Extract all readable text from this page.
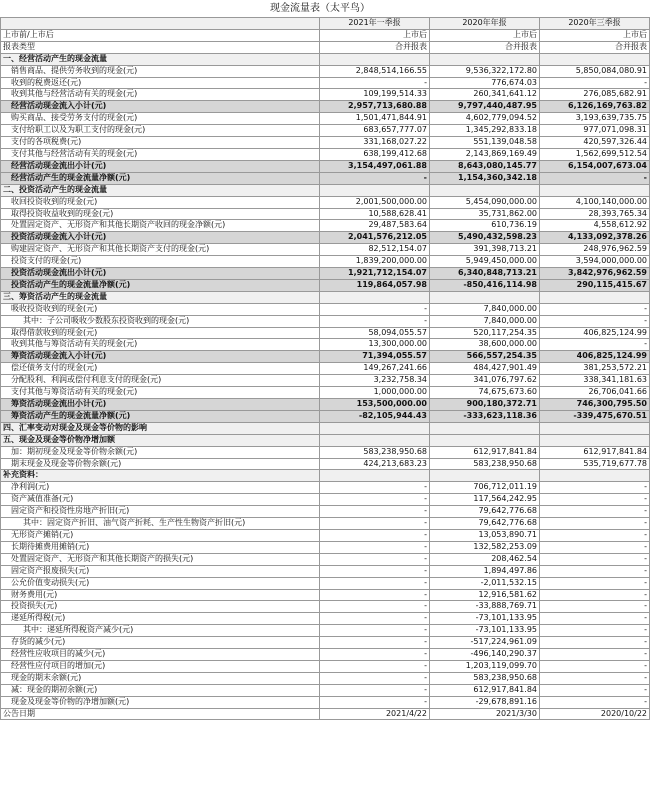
现金流量表（太平鸟）
	2021年一季报	2020年年报	2020年三季报
上市前/上市后	上市后	上市后	上市后
报表类型	合并报表	合并报表	合并报表
一、经营活动产生的现金流量			
销售商品、提供劳务收到的现金(元)	2,848,514,166.55	9,536,322,172.80	5,850,084,080.91
收到的税费返还(元)	-	776,674.03	-
收到其他与经营活动有关的现金(元)	109,199,514.33	260,341,641.12	276,085,682.91
经营活动现金流入小计(元)	2,957,713,680.88	9,797,440,487.95	6,126,169,763.82
购买商品、接受劳务支付的现金(元)	1,501,471,844.91	4,602,779,094.52	3,193,639,735.75
支付给职工以及为职工支付的现金(元)	683,657,777.07	1,345,292,833.18	977,071,098.31
支付的各项税费(元)	331,168,027.22	551,139,048.58	420,597,326.44
支付其他与经营活动有关的现金(元)	638,199,412.68	2,143,869,169.49	1,562,699,512.54
经营活动现金流出小计(元)	3,154,497,061.88	8,643,080,145.77	6,154,007,673.04
经营活动产生的现金流量净额(元)	-	1,154,360,342.18	-
二、投资活动产生的现金流量			
收回投资收到的现金(元)	2,001,500,000.00	5,454,090,000.00	4,100,140,000.00
取得投资收益收到的现金(元)	10,588,628.41	35,731,862.00	28,393,765.34
处置固定资产、无形资产和其他长期资产收回的现金净额(元)	29,487,583.64	610,736.19	4,558,612.92
投资活动现金流入小计(元)	2,041,576,212.05	5,490,432,598.23	4,133,092,378.26
购建固定资产、无形资产和其他长期资产支付的现金(元)	82,512,154.07	391,398,713.21	248,976,962.59
投资支付的现金(元)	1,839,200,000.00	5,949,450,000.00	3,594,000,000.00
投资活动现金流出小计(元)	1,921,712,154.07	6,340,848,713.21	3,842,976,962.59
投资活动产生的现金流量净额(元)	119,864,057.98	-850,416,114.98	290,115,415.67
三、筹资活动产生的现金流量			
吸收投资收到的现金(元)	-	7,840,000.00	-
其中：子公司吸收少数股东投资收到的现金(元)	-	7,840,000.00	-
取得借款收到的现金(元)	58,094,055.57	520,117,254.35	406,825,124.99
收到其他与筹资活动有关的现金(元)	13,300,000.00	38,600,000.00	-
筹资活动现金流入小计(元)	71,394,055.57	566,557,254.35	406,825,124.99
偿还债务支付的现金(元)	149,267,241.66	484,427,901.49	381,253,572.21
分配股利、利润或偿付利息支付的现金(元)	3,232,758.34	341,076,797.62	338,341,181.63
支付其他与筹资活动有关的现金(元)	1,000,000.00	74,675,673.60	26,706,041.66
筹资活动现金流出小计(元)	153,500,000.00	900,180,372.71	746,300,795.50
筹资活动产生的现金流量净额(元)	-82,105,944.43	-333,623,118.36	-339,475,670.51
四、汇率变动对现金及现金等价物的影响			
五、现金及现金等价物净增加额			
加：期初现金及现金等价物余额(元)	583,238,950.68	612,917,841.84	612,917,841.84
期末现金及现金等价物余额(元)	424,213,683.23	583,238,950.68	535,719,677.78
补充资料：			
净利润(元)	-	706,712,011.19	-
资产减值准备(元)	-	117,564,242.95	-
固定资产和投资性房地产折旧(元)	-	79,642,776.68	-
其中：固定资产折旧、油气资产折耗、生产性生物资产折旧(元)	-	79,642,776.68	-
无形资产摊销(元)	-	13,053,890.71	-
长期待摊费用摊销(元)	-	132,582,253.09	-
处置固定资产、无形资产和其他长期资产的损失(元)	-	208,462.54	-
固定资产报废损失(元)	-	1,894,497.86	-
公允价值变动损失(元)	-	-2,011,532.15	-
财务费用(元)	-	12,916,581.62	-
投资损失(元)	-	-33,888,769.71	-
递延所得税(元)	-	-73,101,133.95	-
其中：递延所得税资产减少(元)	-	-73,101,133.95	-
存货的减少(元)	-	-517,224,961.09	-
经营性应收项目的减少(元)	-	-496,140,290.37	-
经营性应付项目的增加(元)	-	1,203,119,099.70	-
现金的期末余额(元)	-	583,238,950.68	-
减：现金的期初余额(元)	-	612,917,841.84	-
现金及现金等价物的净增加额(元)	-	-29,678,891.16	-
公告日期	2021/4/22	2021/3/30	2020/10/22
